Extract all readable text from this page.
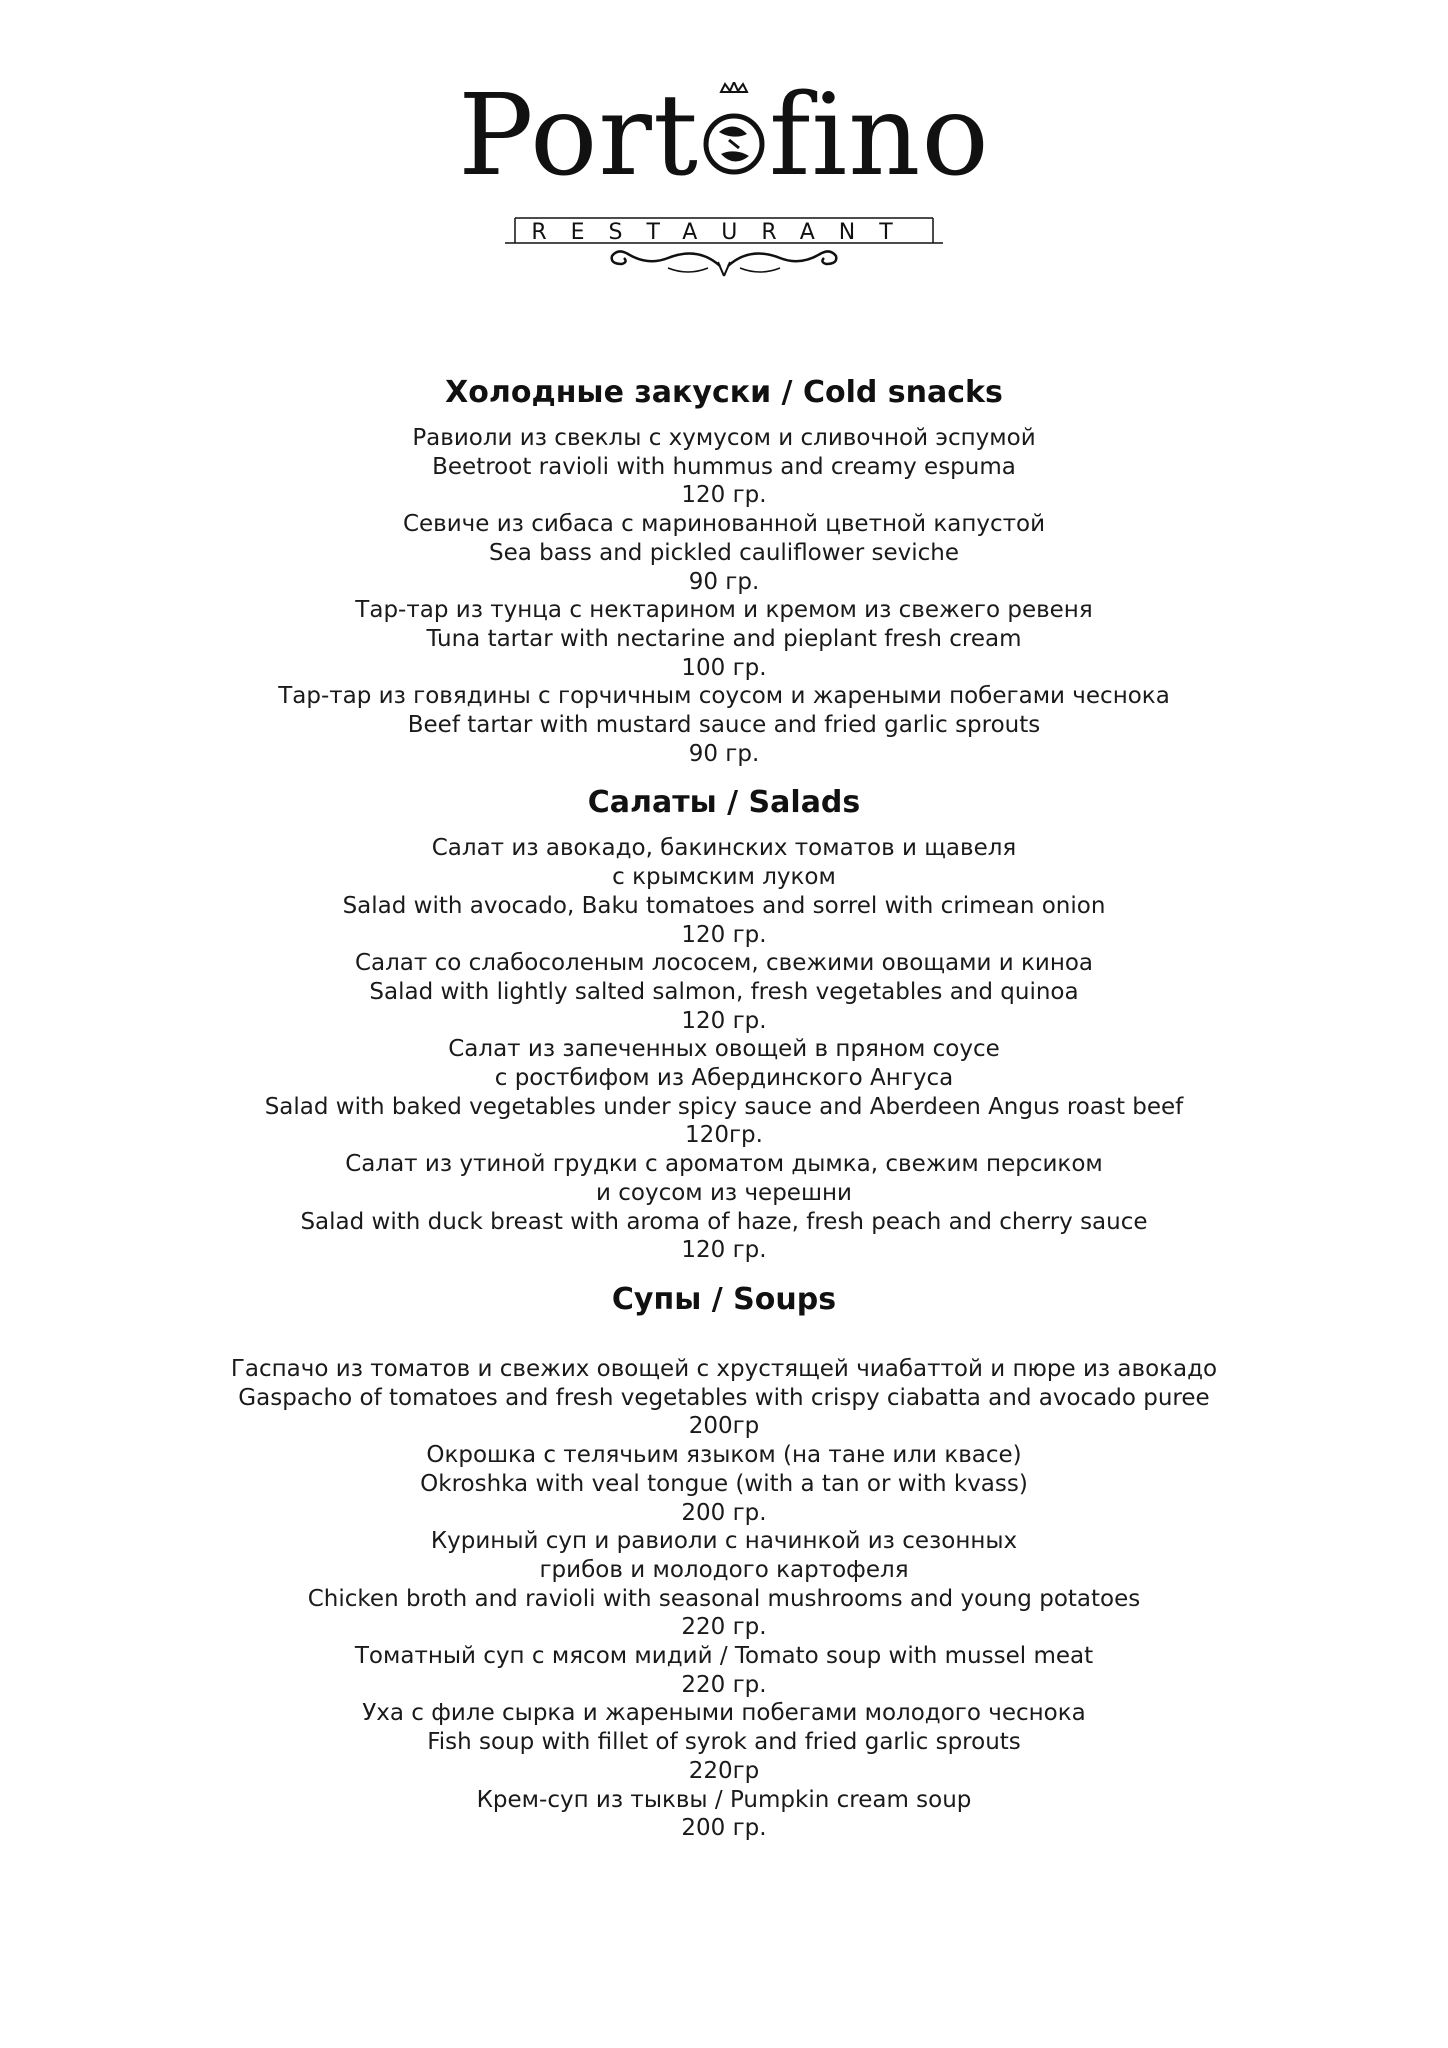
Port fino
RESTAURANT
Холодные закуски / Cold snacks
Равиоли из свеклы с хумусом и сливочной эспумой
Beetroot ravioli with hummus and creamy espuma
120 гр.
Севиче из сибаса с маринованной цветной капустой
Sea bass and pickled cauliflower seviche
90 гр.
Тар-тар из тунца с нектарином и кремом из свежего ревеня
Tuna tartar with nectarine and pieplant fresh cream
100 гр.
Тар-тар из говядины с горчичным соусом и жареными побегами чеснока
Beef tartar with mustard sauce and fried garlic sprouts
90 гр.
Салаты / Salads
Салат из авокадо, бакинских томатов и щавеля
с крымским луком
Salad with avocado, Baku tomatoes and sorrel with crimean onion
120 гр.
Салат со слабосоленым лососем, свежими овощами и киноа
Salad with lightly salted salmon, fresh vegetables and quinoa
120 гр.
Салат из запеченных овощей в пряном соусе
с ростбифом из Абердинского Ангуса
Salad with baked vegetables under spicy sauce and Aberdeen Angus roast beef
120гр.
Салат из утиной грудки с ароматом дымка, свежим персиком
и соусом из черешни
Salad with duck breast with aroma of haze, fresh peach and cherry sauce
120 гр.
Супы / Soups
Гаспачо из томатов и свежих овощей с хрустящей чиабаттой и пюре из авокадо
Gaspacho of tomatoes and fresh vegetables with crispy ciabatta and avocado puree
200гр
Окрошка с телячьим языком (на тане или квасе)
Okroshka with veal tongue (with a tan or with kvass)
200 гр.
Куриный суп и равиоли с начинкой из сезонных
грибов и молодого картофеля
Chicken broth and ravioli with seasonal mushrooms and young potatoes
220 гр.
Томатный суп с мясом мидий / Tomato soup with mussel meat
220 гр.
Уха с филе сырка и жареными побегами молодого чеснока
Fish soup with fillet of syrok and fried garlic sprouts
220гр
Крем-суп из тыквы / Pumpkin cream soup
200 гр.
